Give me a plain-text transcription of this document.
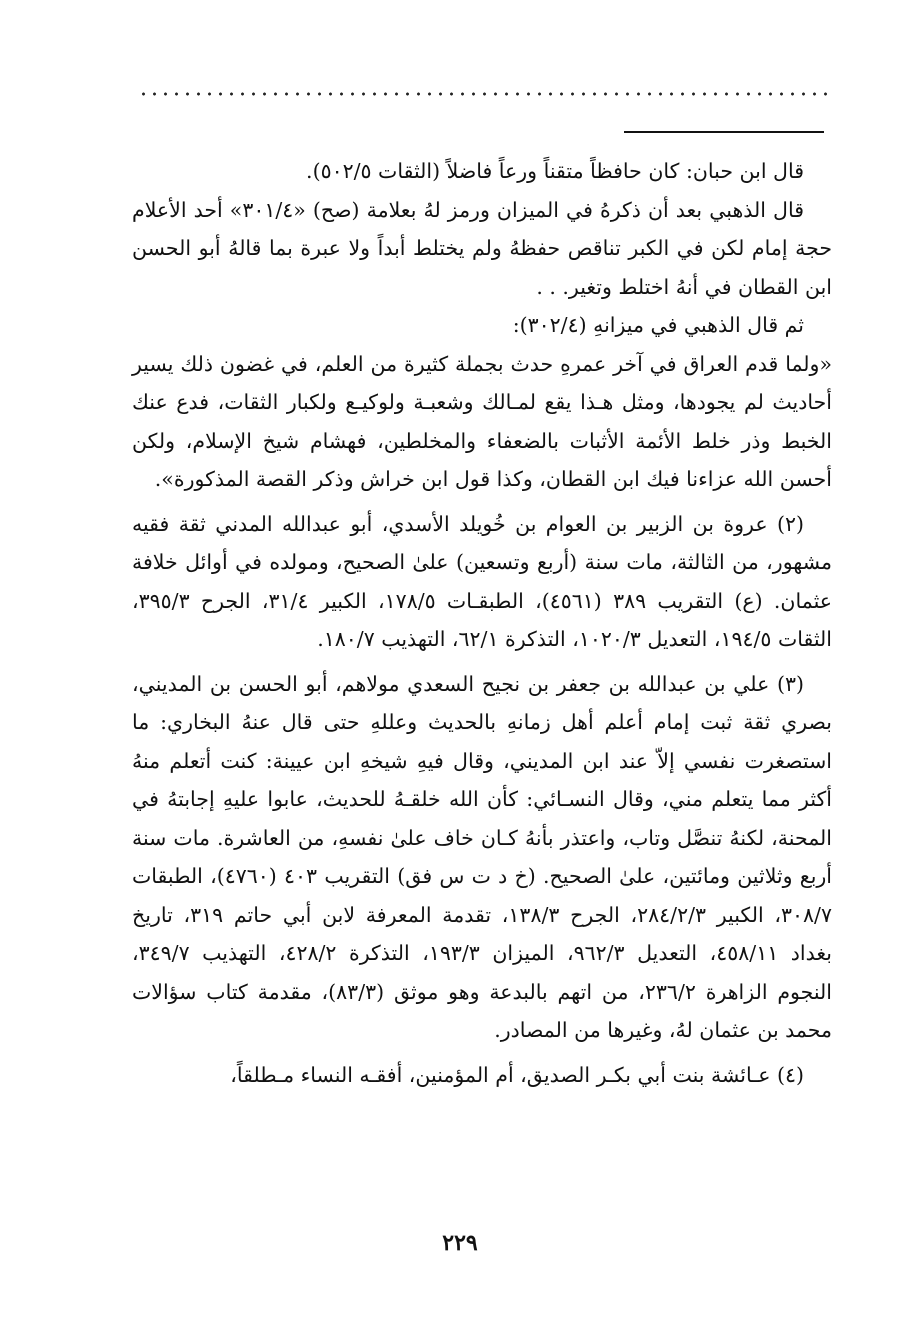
قال ابن حبان: كان حافظاً متقناً ورعاً فاضلاً (الثقات ٥٠٢/٥).

قال الذهبي بعد أن ذكرهُ في الميزان ورمز لهُ بعلامة (صح) «٣٠١/٤» أحد الأعلام حجة إمام لكن في الكبر تناقص حفظهُ ولم يختلط أبداً ولا عبرة بما قالهُ أبو الحسن ابن القطان في أنهُ اختلط وتغير. . .

ثم قال الذهبي في ميزانهِ (٣٠٢/٤):

«ولما قدم العراق في آخر عمرهِ حدث بجملة كثيرة من العلم، في غضون ذلك يسير أحاديث لم يجودها، ومثل هـذا يقع لمـالك وشعبـة ولوكيـع ولكبار الثقات، فدع عنك الخبط وذر خلط الأئمة الأثبات بالضعفاء والمخلطين، فهشام شيخ الإسلام، ولكن أحسن الله عزاءنا فيك ابن القطان، وكذا قول ابن خراش وذكر القصة المذكورة».

(٢) عروة بن الزبير بن العوام بن خُويلد الأسدي، أبو عبدالله المدني ثقة فقيه مشهور، من الثالثة، مات سنة (أربع وتسعين) علىٰ الصحيح، ومولده في أوائل خلافة عثمان. (ع) التقريب ٣٨٩ (٤٥٦١)، الطبقـات ١٧٨/٥، الكبير ٣١/٤، الجرح ٣٩٥/٣، الثقات ١٩٤/٥، التعديل ١٠٢٠/٣، التذكرة ٦٢/١، التهذيب ١٨٠/٧.

(٣) علي بن عبدالله بن جعفر بن نجيح السعدي مولاهم، أبو الحسن بن المديني، بصري ثقة ثبت إمام أعلم أهل زمانهِ بالحديث وعللهِ حتى قال عنهُ البخاري: ما استصغرت نفسي إلاّ عند ابن المديني، وقال فيهِ شيخهِ ابن عيينة: كنت أتعلم منهُ أكثر مما يتعلم مني، وقال النسـائي: كأن الله خلقـهُ للحديث، عابوا عليهِ إجابتهُ في المحنة، لكنهُ تنصَّل وتاب، واعتذر بأنهُ كـان خاف علىٰ نفسهِ، من العاشرة. مات سنة أربع وثلاثين ومائتين، علىٰ الصحيح. (خ د ت س فق) التقريب ٤٠٣ (٤٧٦٠)، الطبقات ٣٠٨/٧، الكبير ٢٨٤/٢/٣، الجرح ١٣٨/٣، تقدمة المعرفة لابن أبي حاتم ٣١٩، تاريخ بغداد ٤٥٨/١١، التعديل ٩٦٢/٣، الميزان ١٩٣/٣، التذكرة ٤٢٨/٢، التهذيب ٣٤٩/٧، النجوم الزاهرة ٢٣٦/٢، من اتهم بالبدعة وهو موثق (٨٣/٣)، مقدمة كتاب سؤالات محمد بن عثمان لهُ، وغيرها من المصادر.

(٤) عـائشة بنت أبي بكـر الصديق، أم المؤمنين، أفقـه النساء مـطلقاً،

٢٢٩
